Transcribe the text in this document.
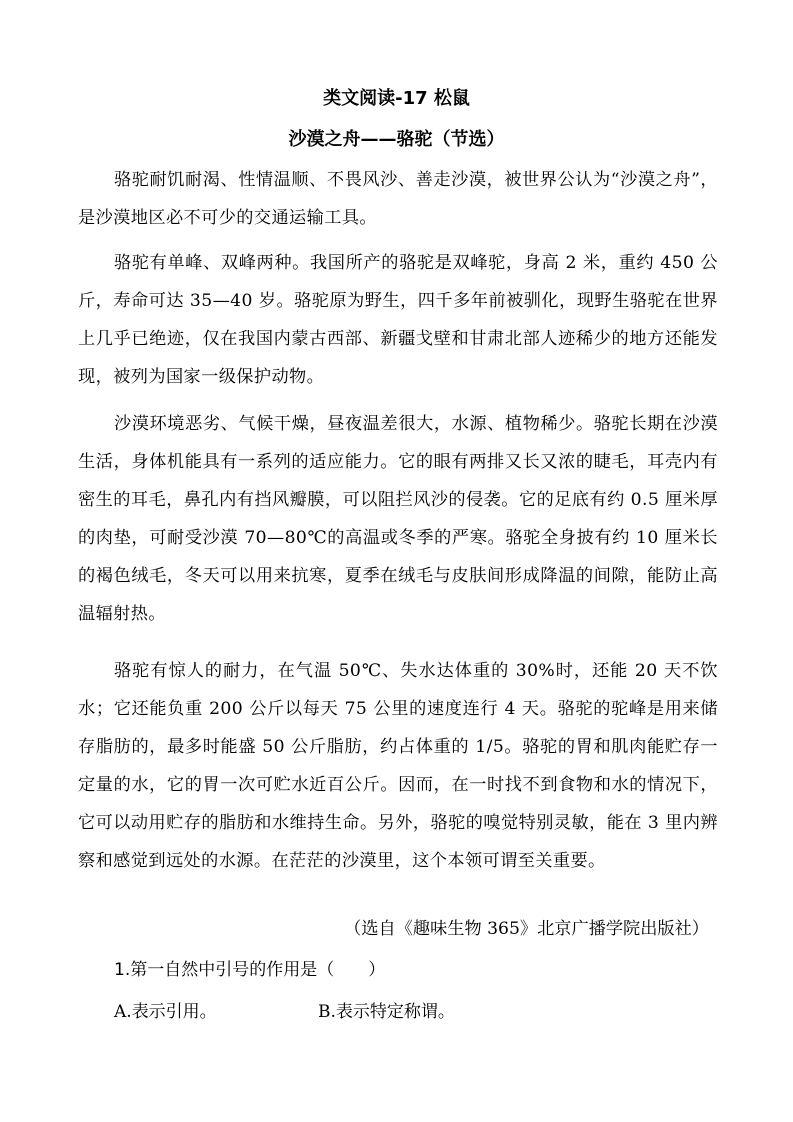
类文阅读-17 松鼠
沙漠之舟——骆驼（节选）

骆驼耐饥耐渴、性情温顺、不畏风沙、善走沙漠，被世界公认为“沙漠之舟”，是沙漠地区必不可少的交通运输工具。

骆驼有单峰、双峰两种。我国所产的骆驼是双峰驼，身高 2 米，重约 450 公斤，寿命可达 35—40 岁。骆驼原为野生，四千多年前被驯化，现野生骆驼在世界上几乎已绝迹，仅在我国内蒙古西部、新疆戈壁和甘肃北部人迹稀少的地方还能发现，被列为国家一级保护动物。

沙漠环境恶劣、气候干燥，昼夜温差很大，水源、植物稀少。骆驼长期在沙漠生活，身体机能具有一系列的适应能力。它的眼有两排又长又浓的睫毛，耳壳内有密生的耳毛，鼻孔内有挡风瓣膜，可以阻拦风沙的侵袭。它的足底有约 0.5 厘米厚的肉垫，可耐受沙漠 70—80℃的高温或冬季的严寒。骆驼全身披有约 10 厘米长的褐色绒毛，冬天可以用来抗寒，夏季在绒毛与皮肤间形成降温的间隙，能防止高温辐射热。

骆驼有惊人的耐力，在气温 50℃、失水达体重的 30%时，还能 20 天不饮水；它还能负重 200 公斤以每天 75 公里的速度连行 4 天。骆驼的驼峰是用来储存脂肪的，最多时能盛 50 公斤脂肪，约占体重的 1/5。骆驼的胃和肌肉能贮存一定量的水，它的胃一次可贮水近百公斤。因而，在一时找不到食物和水的情况下，它可以动用贮存的脂肪和水维持生命。另外，骆驼的嗅觉特别灵敏，能在 3 里内辨察和感觉到远处的水源。在茫茫的沙漠里，这个本领可谓至关重要。

（选自《趣味生物 365》北京广播学院出版社）
1.第一自然中引号的作用是（　　）
A.表示引用。	B.表示特定称谓。
